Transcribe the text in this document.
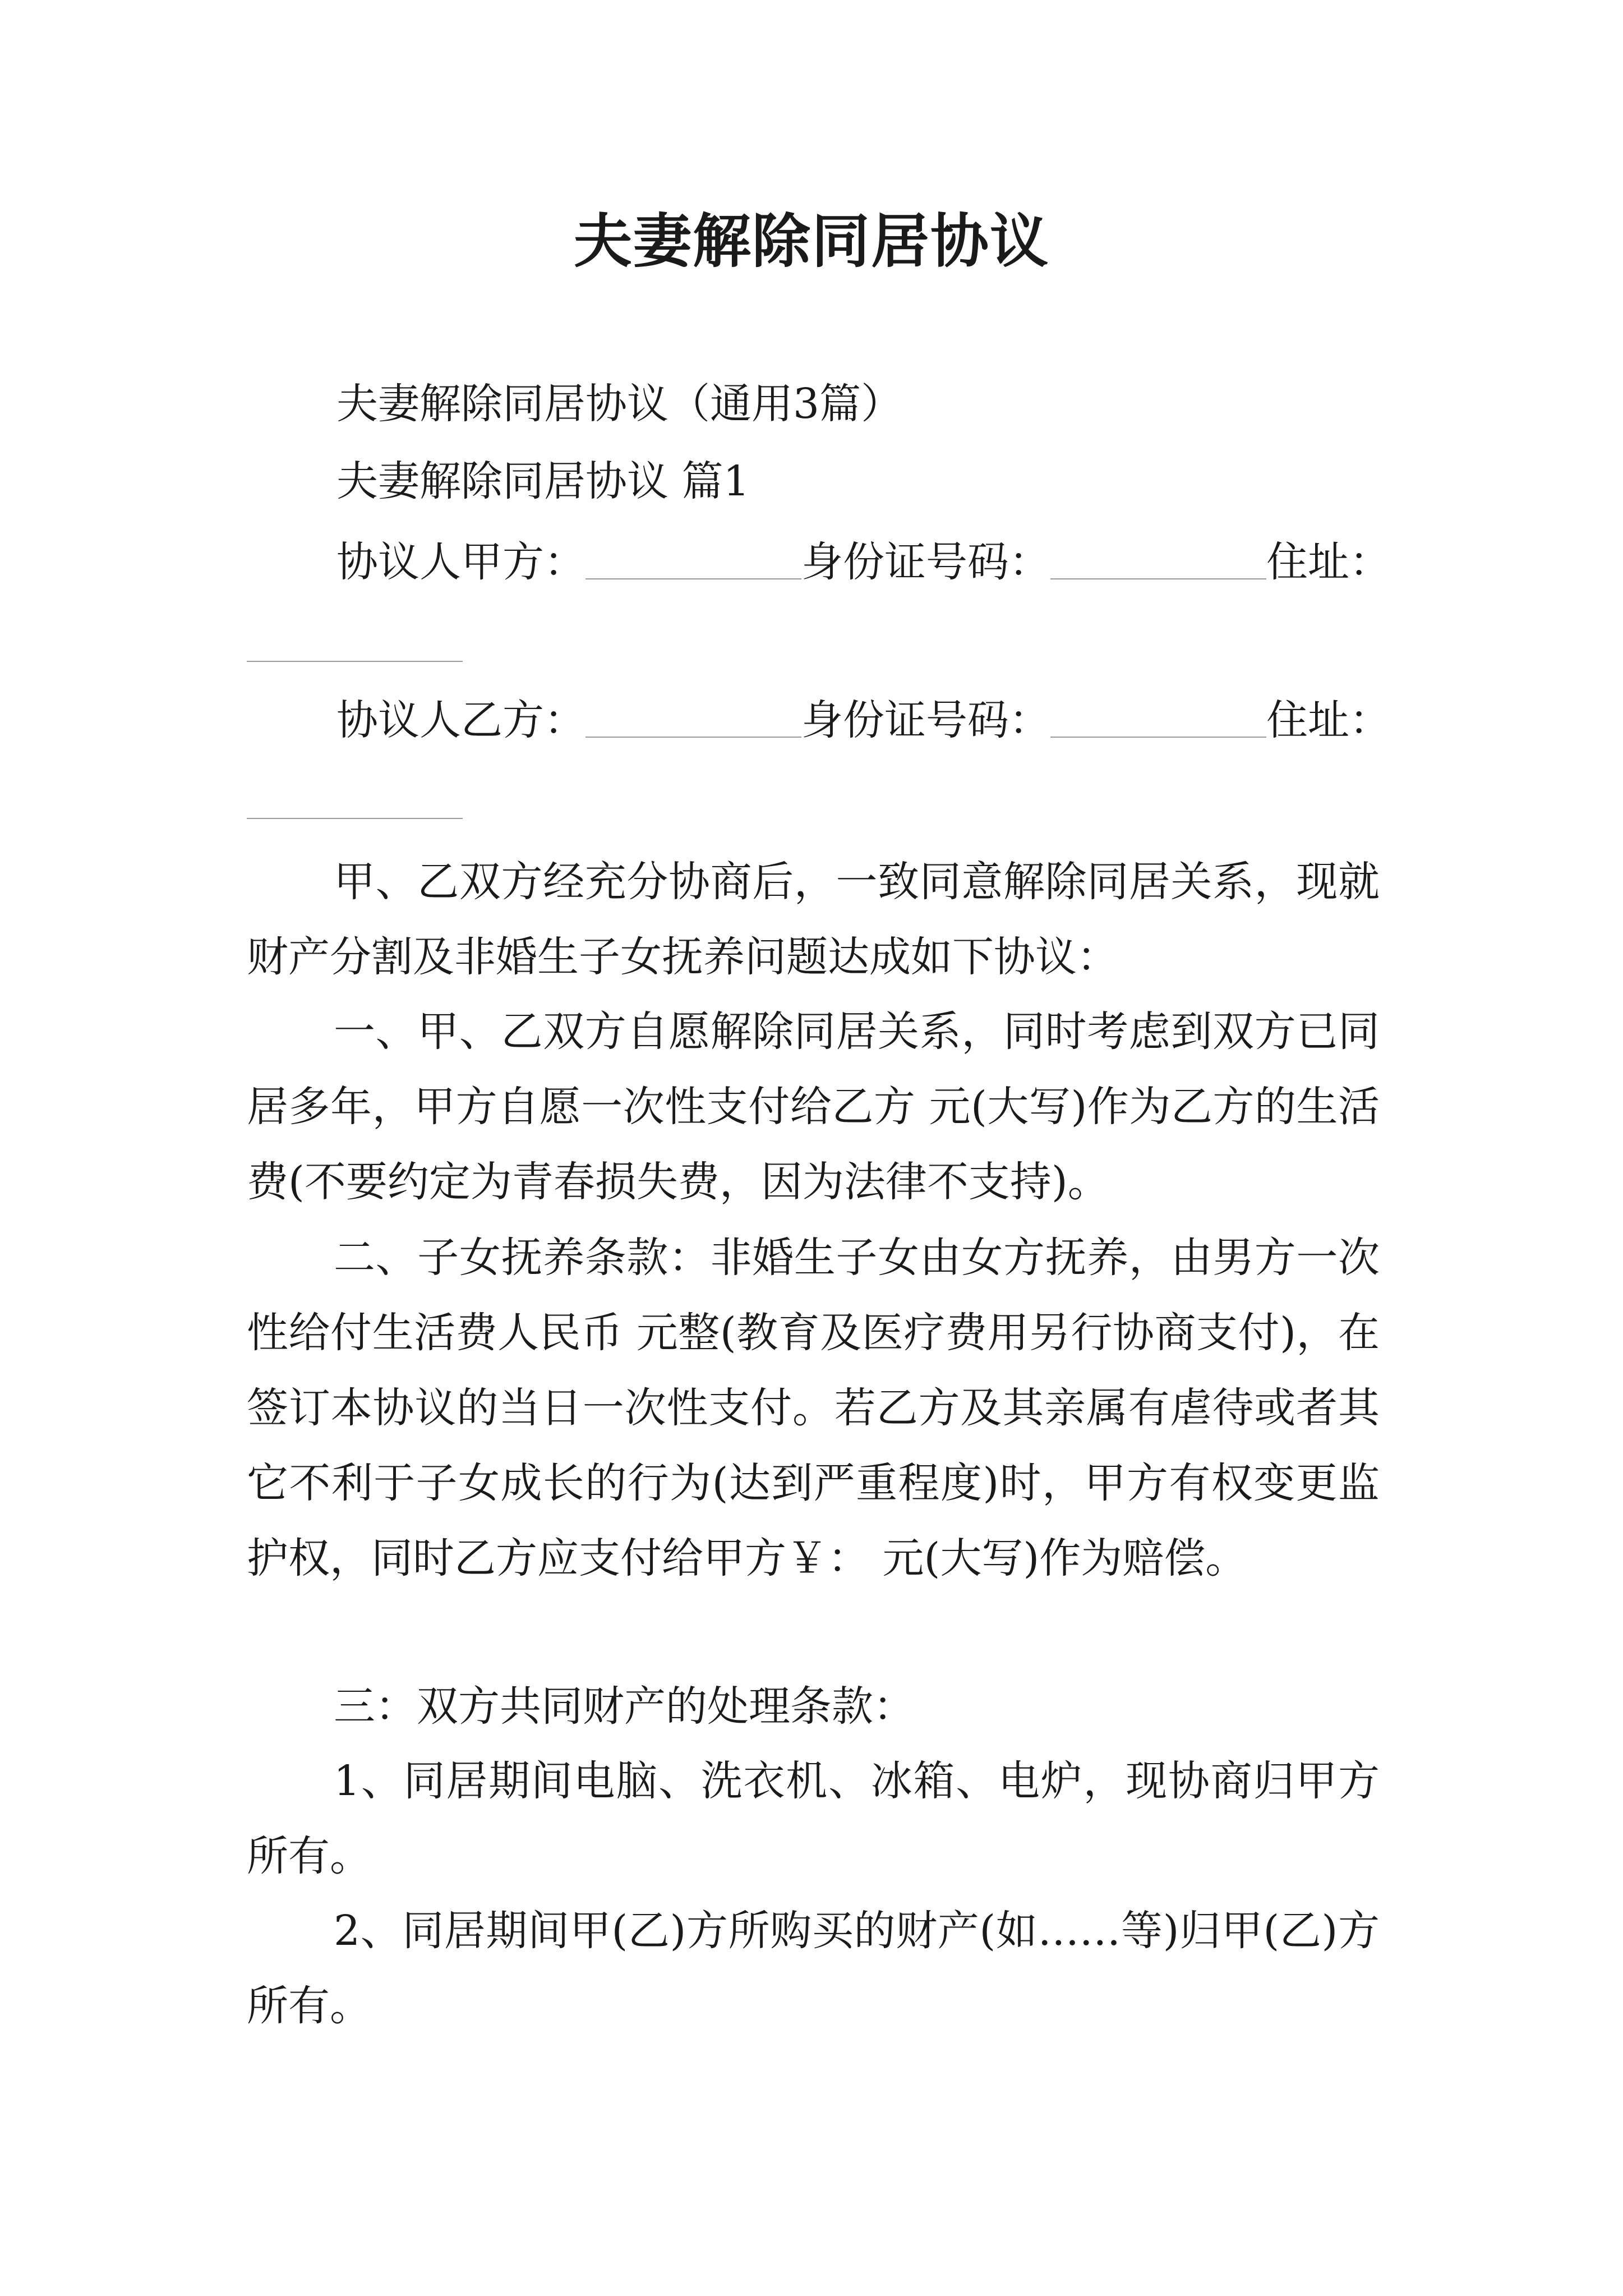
夫妻解除同居协议
夫妻解除同居协议（通用3篇）
夫妻解除同居协议 篇1
协议人甲方：	身份证号码：	住址：
协议人乙方：	身份证号码：	住址：
甲、乙双方经充分协商后，一致同意解除同居关系，现就财产分割及非婚生子女抚养问题达成如下协议：
一、甲、乙双方自愿解除同居关系，同时考虑到双方已同居多年，甲方自愿一次性支付给乙方 元(大写)作为乙方的生活费(不要约定为青春损失费，因为法律不支持)。
二、子女抚养条款：非婚生子女由女方抚养，由男方一次性给付生活费人民币 元整(教育及医疗费用另行协商支付)，在签订本协议的当日一次性支付。若乙方及其亲属有虐待或者其它不利于子女成长的行为(达到严重程度)时，甲方有权变更监护权，同时乙方应支付给甲方￥： 元(大写)作为赔偿。
三：双方共同财产的处理条款：
1、同居期间电脑、洗衣机、冰箱、电炉，现协商归甲方所有。
2、同居期间甲(乙)方所购买的财产(如……等)归甲(乙)方所有。
